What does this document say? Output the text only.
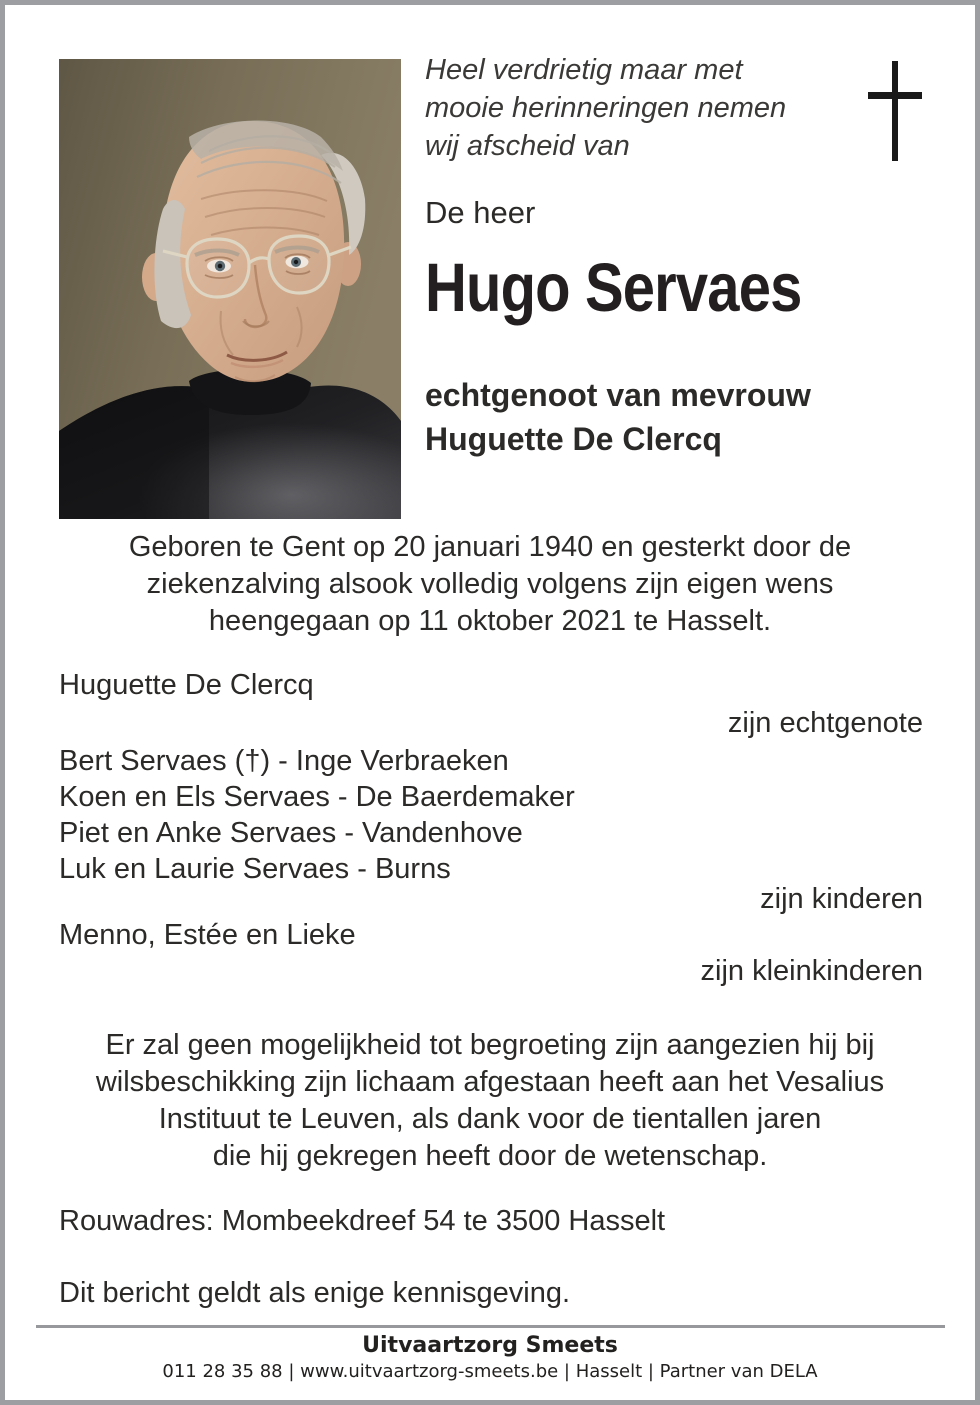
Heel verdrietig maar met
mooie herinneringen nemen
wij afscheid van
De heer
Hugo Servaes
echtgenoot van mevrouw
Huguette De Clercq
Geboren te Gent op 20 januari 1940 en gesterkt door de
ziekenzalving alsook volledig volgens zijn eigen wens
heengegaan op 11 oktober 2021 te Hasselt.
Huguette De Clercq
zijn echtgenote
Bert Servaes (†) - Inge Verbraeken
Koen en Els Servaes - De Baerdemaker
Piet en Anke Servaes - Vandenhove
Luk en Laurie Servaes - Burns
zijn kinderen
Menno, Estée en Lieke
zijn kleinkinderen
Er zal geen mogelijkheid tot begroeting zijn aangezien hij bij
wilsbeschikking zijn lichaam afgestaan heeft aan het Vesalius
Instituut te Leuven, als dank voor de tientallen jaren
die hij gekregen heeft door de wetenschap.
Rouwadres: Mombeekdreef 54 te 3500 Hasselt
Dit bericht geldt als enige kennisgeving.
Uitvaartzorg Smeets
011 28 35 88 | www.uitvaartzorg-smeets.be | Hasselt | Partner van DELA
